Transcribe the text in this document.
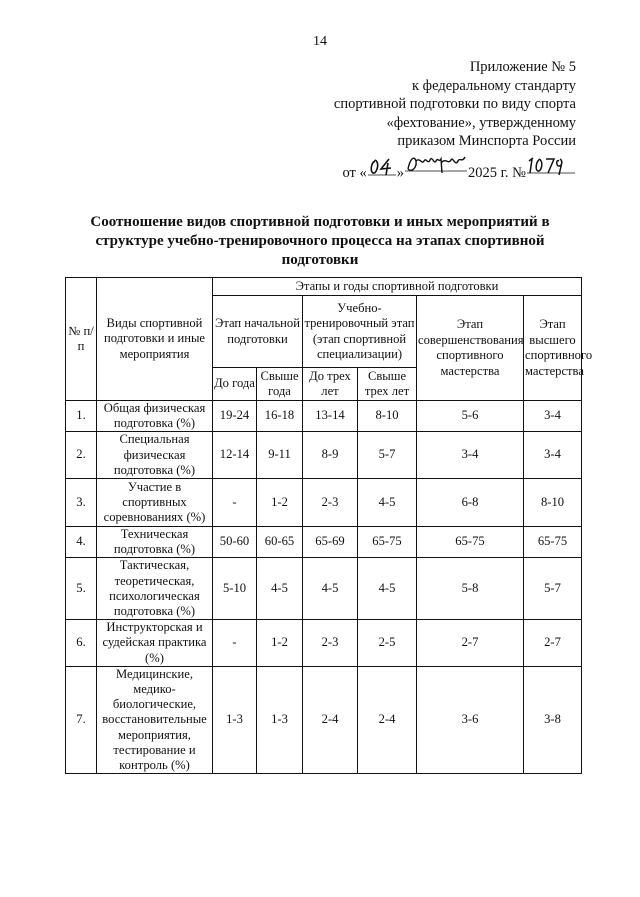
14
Приложение № 5
к федеральному стандарту
спортивной подготовки по виду спорта
«фехтование», утвержденному
приказом Минспорта России
от « »	2025 г. №
Соотношение видов спортивной подготовки и иных мероприятий в структуре учебно-тренировочного процесса на этапах спортивной подготовки
№ п/п	Виды спортивной подготовки и иные мероприятия	Этапы и годы спортивной подготовки					
		Этап начальной подготовки		Учебно-тренировочный этап (этап спортивной специализации)		Этап совершенствования спортивного мастерства	Этап высшего спортивного мастерства
		До года	Свыше года	До трех лет	Свыше трех лет		
1.	Общая физическая подготовка (%)	19-24	16-18	13-14	8-10	5-6	3-4
2.	Специальная физическая подготовка (%)	12-14	9-11	8-9	5-7	3-4	3-4
3.	Участие в спортивных соревнованиях (%)	-	1-2	2-3	4-5	6-8	8-10
4.	Техническая подготовка (%)	50-60	60-65	65-69	65-75	65-75	65-75
5.	Тактическая, теоретическая, психологическая подготовка (%)	5-10	4-5	4-5	4-5	5-8	5-7
6.	Инструкторская и судейская практика (%)	-	1-2	2-3	2-5	2-7	2-7
7.	Медицинские, медико-биологические, восстановительные мероприятия, тестирование и контроль (%)	1-3	1-3	2-4	2-4	3-6	3-8
